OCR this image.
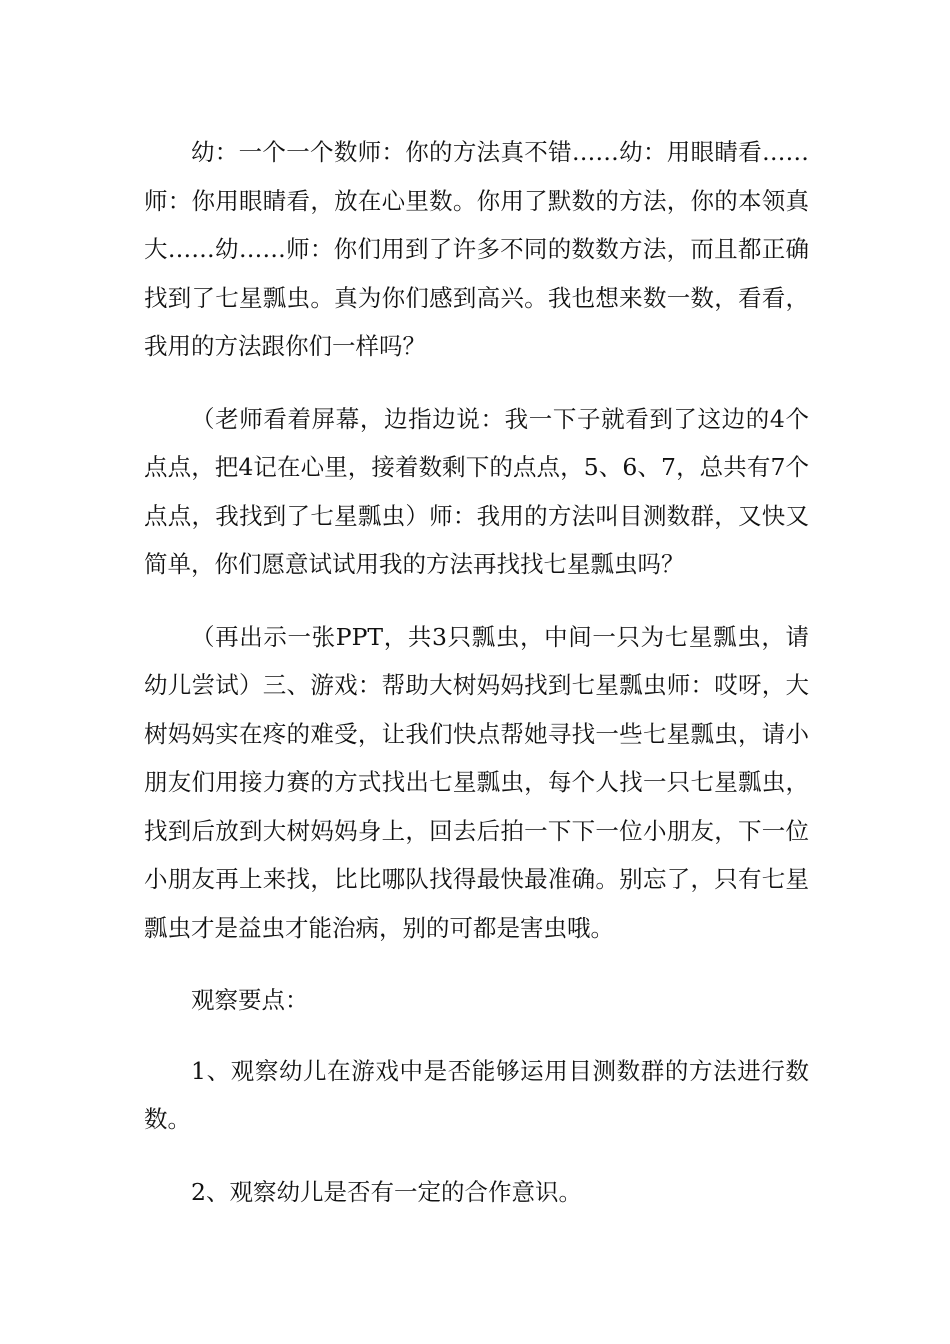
幼：一个一个数师：你的方法真不错……幼：用眼睛看……师：你用眼睛看，放在心里数。你用了默数的方法，你的本领真大……幼……师：你们用到了许多不同的数数方法，而且都正确找到了七星瓢虫。真为你们感到高兴。我也想来数一数，看看，我用的方法跟你们一样吗？

（老师看着屏幕，边指边说：我一下子就看到了这边的4个点点，把4记在心里，接着数剩下的点点，5、6、7，总共有7个点点，我找到了七星瓢虫）师：我用的方法叫目测数群，又快又简单，你们愿意试试用我的方法再找找七星瓢虫吗？

（再出示一张PPT，共3只瓢虫，中间一只为七星瓢虫，请幼儿尝试）三、游戏：帮助大树妈妈找到七星瓢虫师：哎呀，大树妈妈实在疼的难受，让我们快点帮她寻找一些七星瓢虫，请小朋友们用接力赛的方式找出七星瓢虫，每个人找一只七星瓢虫，找到后放到大树妈妈身上，回去后拍一下下一位小朋友，下一位小朋友再上来找，比比哪队找得最快最准确。别忘了，只有七星瓢虫才是益虫才能治病，别的可都是害虫哦。

观察要点：

1、观察幼儿在游戏中是否能够运用目测数群的方法进行数数。

2、观察幼儿是否有一定的合作意识。
